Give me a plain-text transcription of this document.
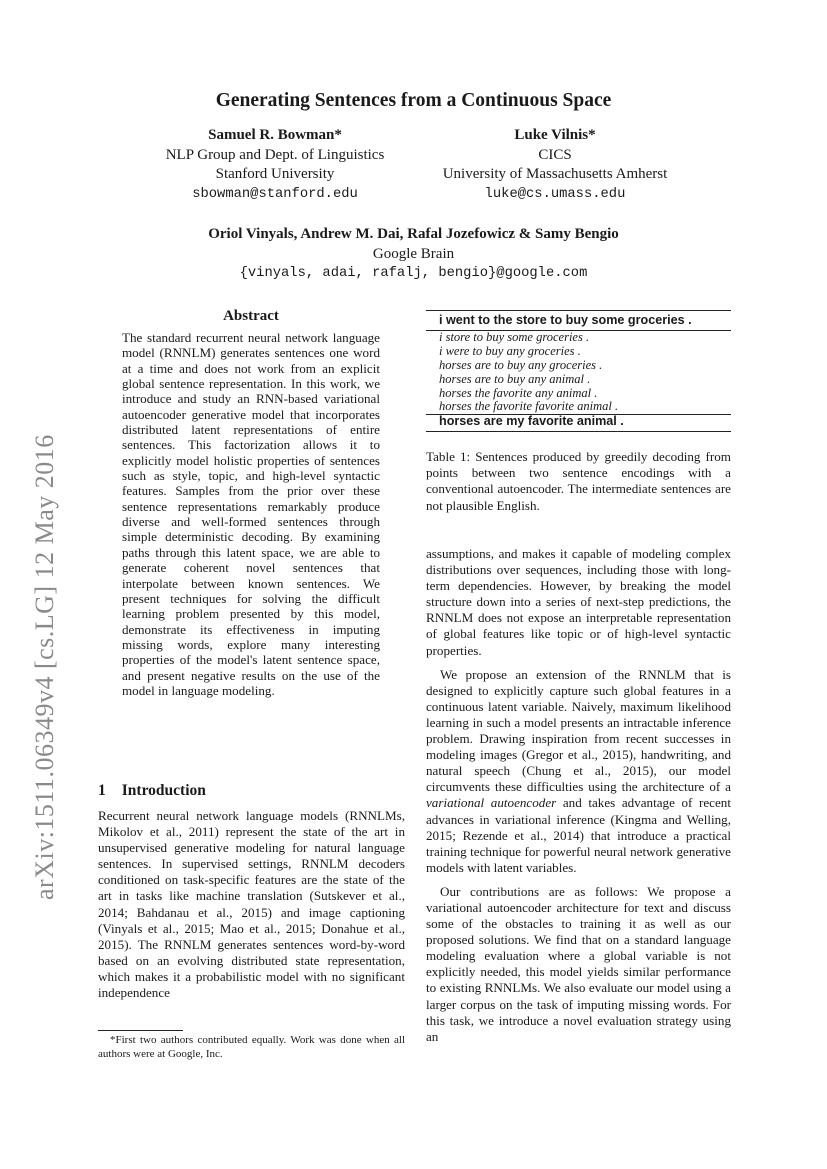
arXiv:1511.06349v4 [cs.LG] 12 May 2016
Generating Sentences from a Continuous Space
Samuel R. Bowman*
NLP Group and Dept. of Linguistics
Stanford University
sbowman@stanford.edu
Luke Vilnis*
CICS
University of Massachusetts Amherst
luke@cs.umass.edu
Oriol Vinyals, Andrew M. Dai, Rafal Jozefowicz & Samy Bengio
Google Brain
{vinyals, adai, rafalj, bengio}@google.com
Abstract
The standard recurrent neural network language model (RNNLM) generates sentences one word at a time and does not work from an explicit global sentence representation. In this work, we introduce and study an RNN-based variational autoencoder generative model that incorporates distributed latent representations of entire sentences. This factorization allows it to explicitly model holistic properties of sentences such as style, topic, and high-level syntactic features. Samples from the prior over these sentence representations remarkably produce diverse and well-formed sentences through simple deterministic decoding. By examining paths through this latent space, we are able to generate coherent novel sentences that interpolate between known sentences. We present techniques for solving the difficult learning problem presented by this model, demonstrate its effectiveness in imputing missing words, explore many interesting properties of the model's latent sentence space, and present negative results on the use of the model in language modeling.
1 Introduction

Recurrent neural network language models (RNNLMs, Mikolov et al., 2011) represent the state of the art in unsupervised generative modeling for natural language sentences. In supervised settings, RNNLM decoders conditioned on task-specific features are the state of the art in tasks like machine translation (Sutskever et al., 2014; Bahdanau et al., 2015) and image captioning (Vinyals et al., 2015; Mao et al., 2015; Donahue et al., 2015). The RNNLM generates sentences word-by-word based on an evolving distributed state representation, which makes it a probabilistic model with no significant independence

*First two authors contributed equally. Work was done when all authors were at Google, Inc.
i went to the store to buy some groceries .
i store to buy some groceries .
i were to buy any groceries .
horses are to buy any groceries .
horses are to buy any animal .
horses the favorite any animal .
horses the favorite favorite animal .
horses are my favorite animal .
Table 1: Sentences produced by greedily decoding from points between two sentence encodings with a conventional autoencoder. The intermediate sentences are not plausible English.

assumptions, and makes it capable of modeling complex distributions over sequences, including those with long-term dependencies. However, by breaking the model structure down into a series of next-step predictions, the RNNLM does not expose an interpretable representation of global features like topic or of high-level syntactic properties.

We propose an extension of the RNNLM that is designed to explicitly capture such global features in a continuous latent variable. Naively, maximum likelihood learning in such a model presents an intractable inference problem. Drawing inspiration from recent successes in modeling images (Gregor et al., 2015), handwriting, and natural speech (Chung et al., 2015), our model circumvents these difficulties using the architecture of a variational autoencoder and takes advantage of recent advances in variational inference (Kingma and Welling, 2015; Rezende et al., 2014) that introduce a practical training technique for powerful neural network generative models with latent variables.

Our contributions are as follows: We propose a variational autoencoder architecture for text and discuss some of the obstacles to training it as well as our proposed solutions. We find that on a standard language modeling evaluation where a global variable is not explicitly needed, this model yields similar performance to existing RNNLMs. We also evaluate our model using a larger corpus on the task of imputing missing words. For this task, we introduce a novel evaluation strategy using an
